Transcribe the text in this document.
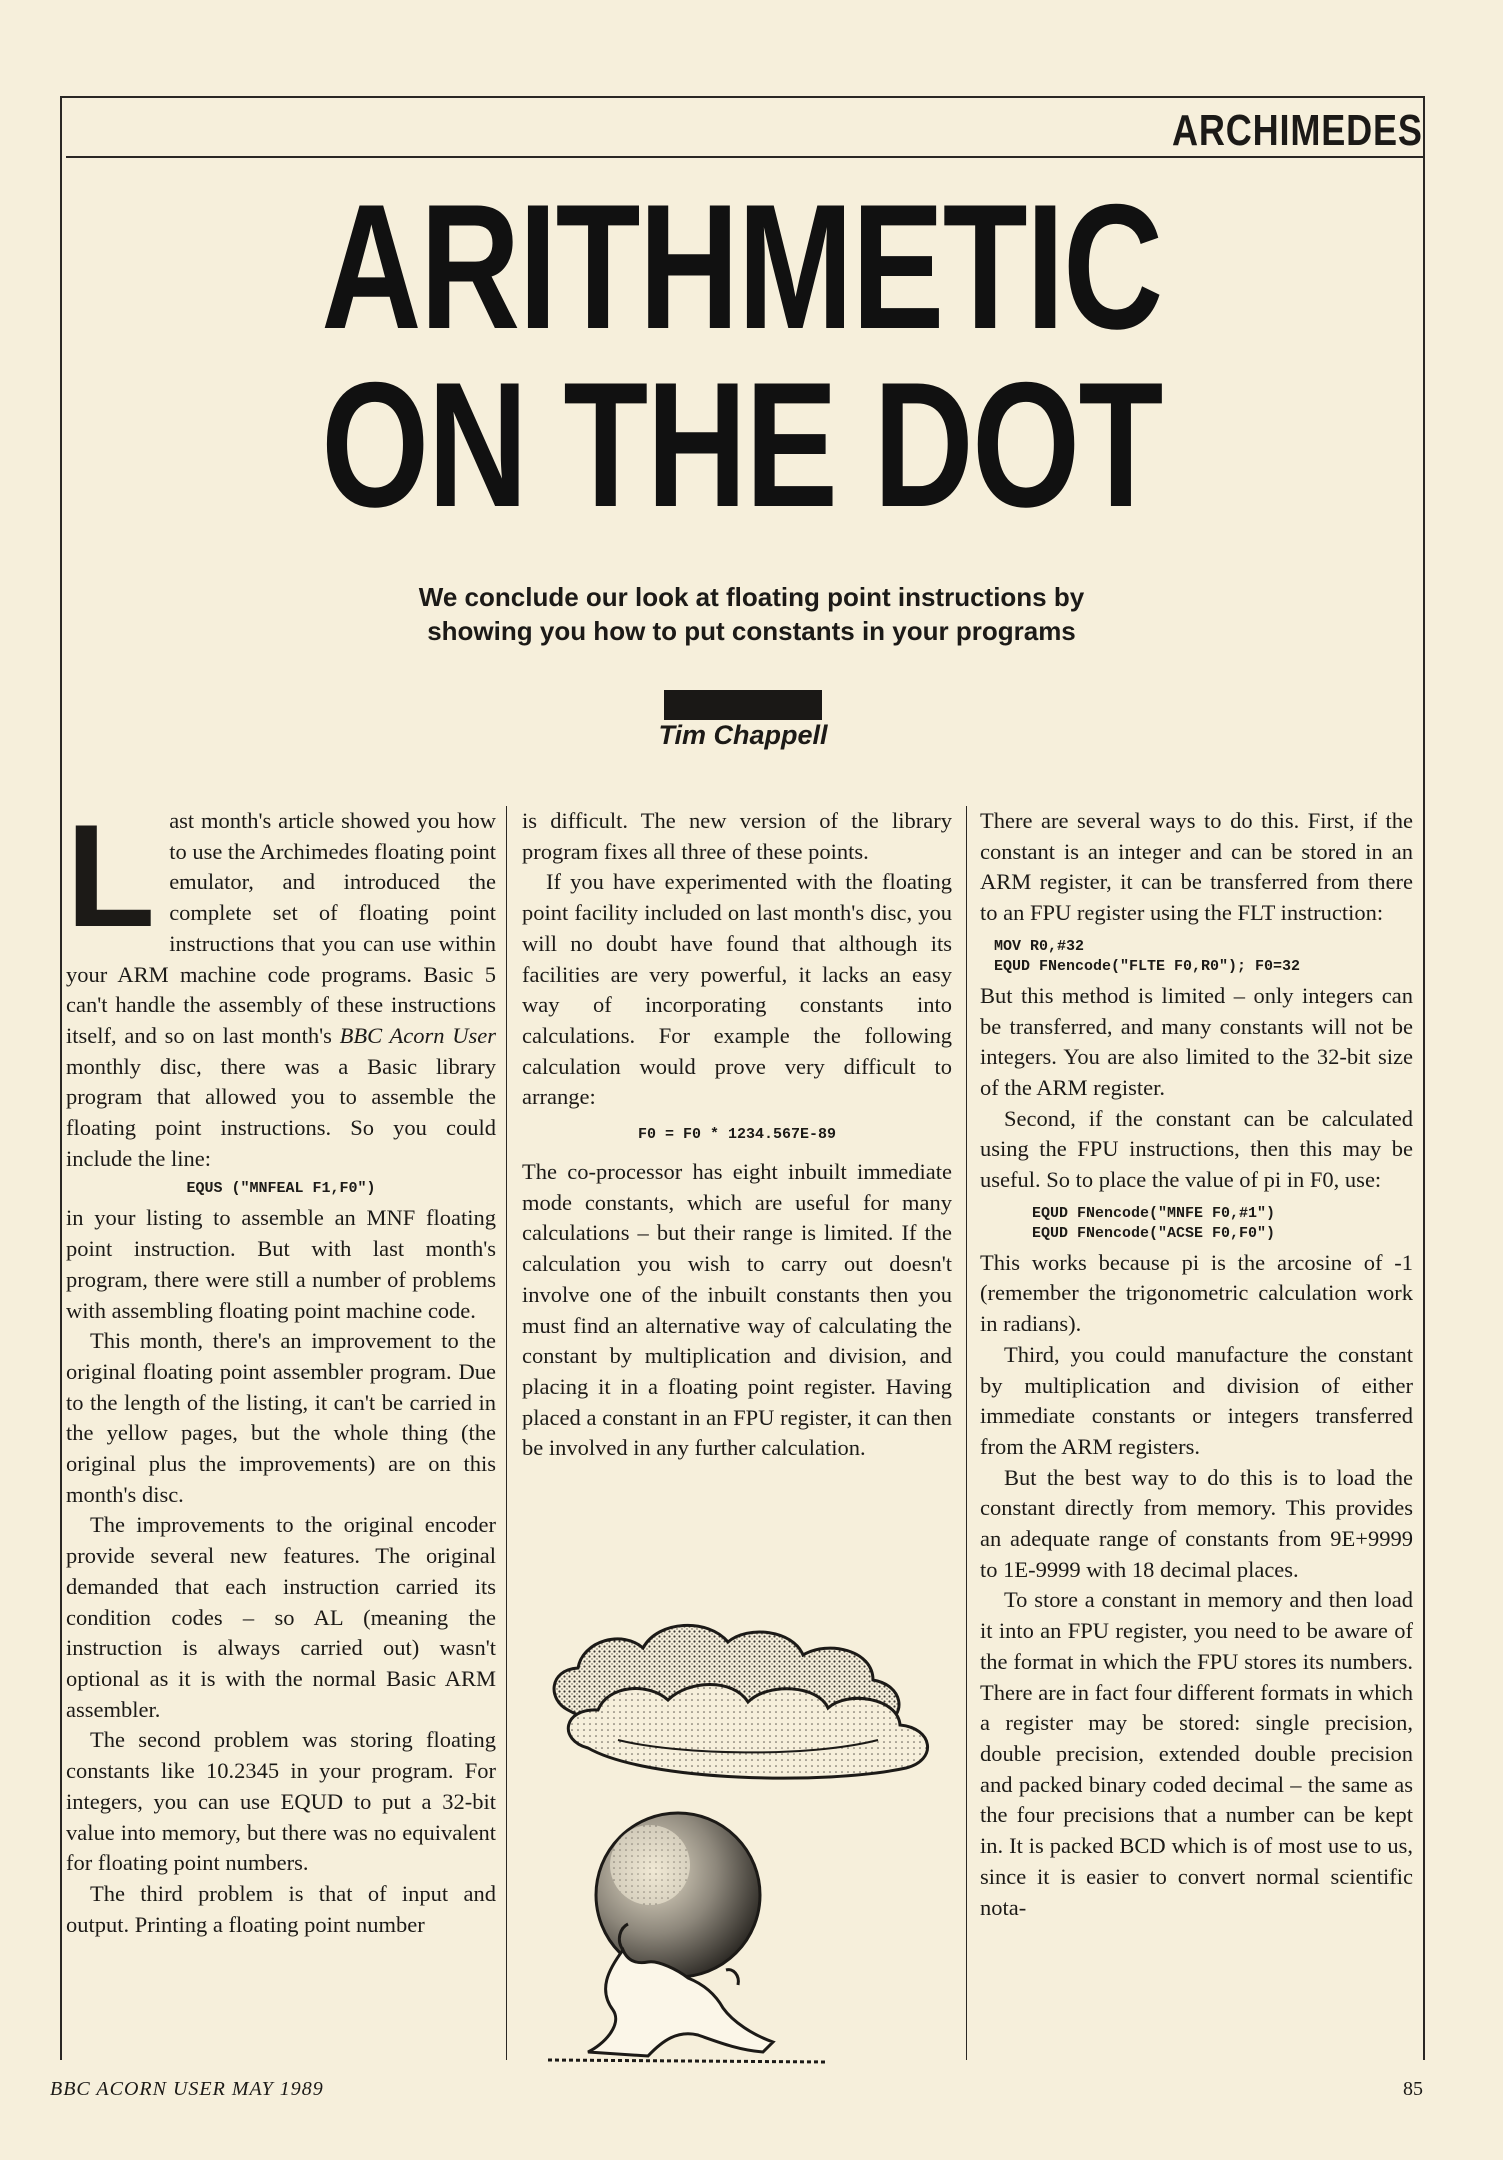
ARCHIMEDES
ARITHMETIC
ON THE DOT
We conclude our look at floating point instructions by
showing you how to put constants in your programs
Tim Chappell

Last month's article showed you how to use the Archimedes floating point emulator, and introduced the complete set of floating point instructions that you can use within your ARM machine code programs. Basic 5 can't handle the assembly of these instructions itself, and so on last month's BBC Acorn User monthly disc, there was a Basic library program that allowed you to assemble the floating point instructions. So you could include the line:

EQUS ("MNFEAL F1,F0")

in your listing to assemble an MNF floating point instruction. But with last month's program, there were still a number of problems with assembling floating point machine code.

This month, there's an improvement to the original floating point assembler program. Due to the length of the listing, it can't be carried in the yellow pages, but the whole thing (the original plus the improvements) are on this month's disc.

The improvements to the original encoder provide several new features. The original demanded that each instruction carried its condition codes – so AL (meaning the instruction is always carried out) wasn't optional as it is with the normal Basic ARM assembler.

The second problem was storing floating constants like 10.2345 in your program. For integers, you can use EQUD to put a 32-bit value into memory, but there was no equivalent for floating point numbers.

The third problem is that of input and output. Printing a floating point number

is difficult. The new version of the library program fixes all three of these points.

If you have experimented with the floating point facility included on last month's disc, you will no doubt have found that although its facilities are very powerful, it lacks an easy way of incorporating constants into calculations. For example the following calculation would prove very difficult to arrange:

F0 = F0 * 1234.567E-89

The co-processor has eight inbuilt immediate mode constants, which are useful for many calculations – but their range is limited. If the calculation you wish to carry out doesn't involve one of the inbuilt constants then you must find an alternative way of calculating the constant by multiplication and division, and placing it in a floating point register. Having placed a constant in an FPU register, it can then be involved in any further calculation.

There are several ways to do this. First, if the constant is an integer and can be stored in an ARM register, it can be transferred from there to an FPU register using the FLT instruction:

MOV R0,#32
EQUD FNencode("FLTE F0,R0"); F0=32

But this method is limited – only integers can be transferred, and many constants will not be integers. You are also limited to the 32-bit size of the ARM register.

Second, if the constant can be calculated using the FPU instructions, then this may be useful. So to place the value of pi in F0, use:

EQUD FNencode("MNFE F0,#1")
EQUD FNencode("ACSE F0,F0")

This works because pi is the arcosine of -1 (remember the trigonometric calculation work in radians).

Third, you could manufacture the constant by multiplication and division of either immediate constants or integers transferred from the ARM registers.

But the best way to do this is to load the constant directly from memory. This provides an adequate range of constants from 9E+9999 to 1E-9999 with 18 decimal places.

To store a constant in memory and then load it into an FPU register, you need to be aware of the format in which the FPU stores its numbers. There are in fact four different formats in which a register may be stored: single precision, double precision, extended double precision and packed binary coded decimal – the same as the four precisions that a number can be kept in. It is packed BCD which is of most use to us, since it is easier to convert normal scientific nota-

BBC ACORN USER MAY 1989	85
